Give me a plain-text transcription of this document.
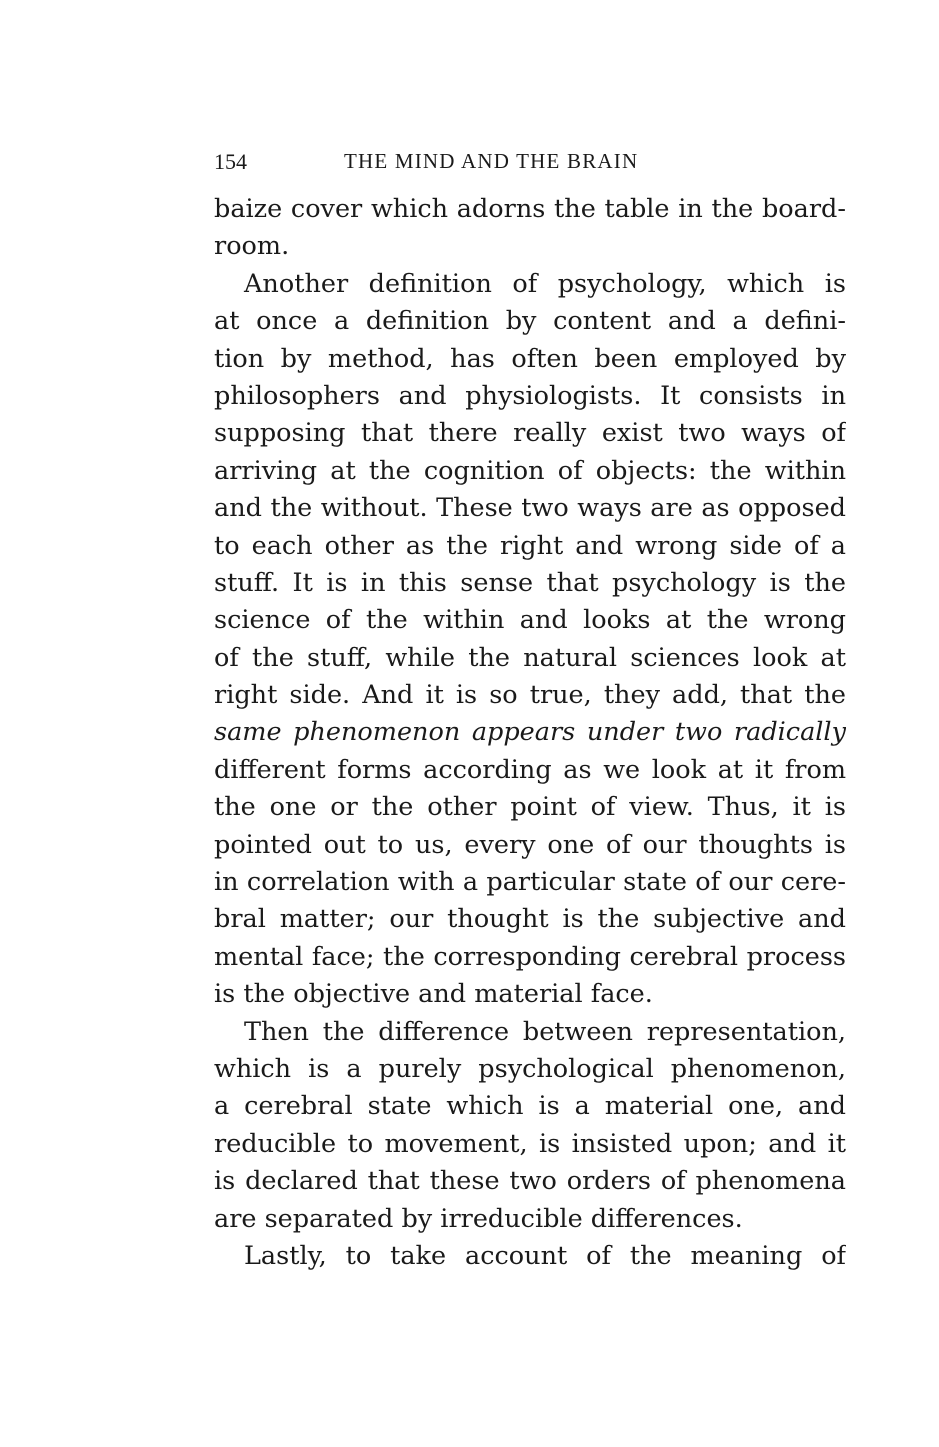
154	THE MIND AND THE BRAIN
baize cover which adorns the table in the board-
room.
Another definition of psychology, which is
at once a definition by content and a defini-
tion by method, has often been employed by
philosophers and physiologists. It consists in
supposing that there really exist two ways of
arriving at the cognition of objects: the within
and the without. These two ways are as opposed
to each other as the right and wrong side of a
stuff. It is in this sense that psychology is the
science of the within and looks at the wrong
of the stuff, while the natural sciences look at
right side. And it is so true, they add, that the
same phenomenon appears under two radically
different forms according as we look at it from
the one or the other point of view. Thus, it is
pointed out to us, every one of our thoughts is
in correlation with a particular state of our cere-
bral matter; our thought is the subjective and
mental face; the corresponding cerebral process
is the objective and material face.
Then the difference between representation,
which is a purely psychological phenomenon,
a cerebral state which is a material one, and
reducible to movement, is insisted upon; and it
is declared that these two orders of phenomena
are separated by irreducible differences.
Lastly, to take account of the meaning of
